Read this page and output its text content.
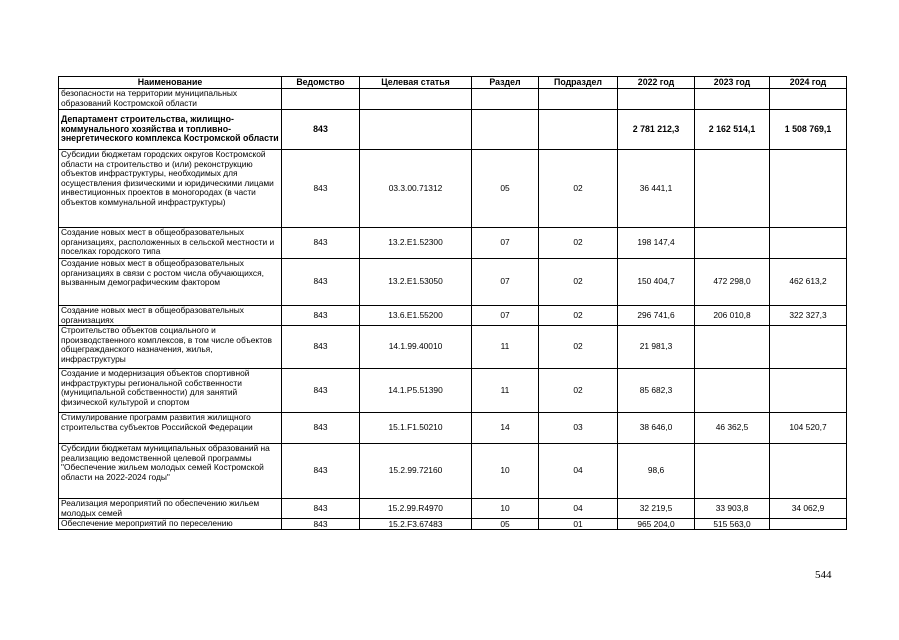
Наименование	Ведомство	Целевая статья	Раздел	Подраздел	2022 год	2023 год	2024 год
безопасности на территории муниципальных образований Костромской области							
Департамент строительства, жилищно-коммунального хозяйства и топливно-энергетического комплекса Костромской области	843				2 781 212,3	2 162 514,1	1 508 769,1
Субсидии бюджетам городских округов Костромской области на строительство и (или) реконструкцию объектов инфраструктуры, необходимых для осуществления физическими и юридическими лицами инвестиционных проектов в моногородах (в части объектов коммунальной инфраструктуры)	843	03.3.00.71312	05	02	36 441,1		
Создание новых мест в общеобразовательных организациях, расположенных в сельской местности и поселках городского типа	843	13.2.E1.52300	07	02	198 147,4		
Создание новых мест в общеобразовательных организациях в связи с ростом числа обучающихся, вызванным демографическим фактором	843	13.2.E1.53050	07	02	150 404,7	472 298,0	462 613,2
Создание новых мест в общеобразовательных организациях	843	13.6.E1.55200	07	02	296 741,6	206 010,8	322 327,3
Строительство объектов социального и производственного комплексов, в том числе объектов общегражданского назначения, жилья, инфраструктуры	843	14.1.99.40010	11	02	21 981,3		
Создание и модернизация объектов спортивной инфраструктуры региональной собственности (муниципальной собственности) для занятий физической культурой и спортом	843	14.1.P5.51390	11	02	85 682,3		
Стимулирование программ развития жилищного строительства субъектов Российской Федерации	843	15.1.F1.50210	14	03	38 646,0	46 362,5	104 520,7
Субсидии бюджетам муниципальных образований на реализацию ведомственной целевой программы "Обеспечение жильем молодых семей Костромской области на 2022-2024 годы"	843	15.2.99.72160	10	04	98,6		
Реализация мероприятий по обеспечению жильем молодых семей	843	15.2.99.R4970	10	04	32 219,5	33 903,8	34 062,9
Обеспечение мероприятий по переселению	843	15.2.F3.67483	05	01	965 204,0	515 563,0	
544
